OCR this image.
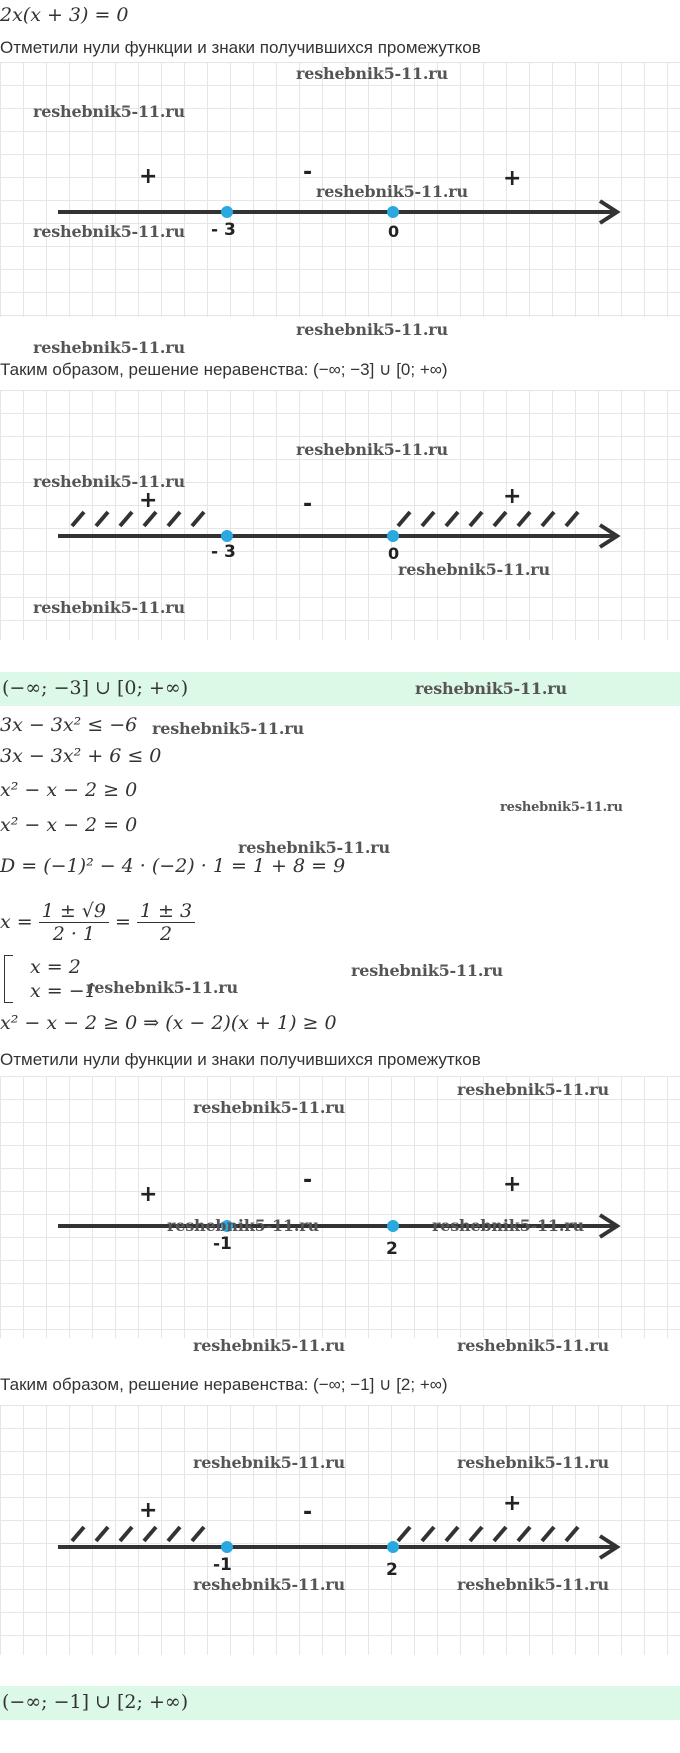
2x(x + 3) = 0
Отметили нули функции и знаки получившихся промежутков
- 3	0
+	-	+
reshebnik5-11.ru
reshebnik5-11.ru
reshebnik5-11.ru
reshebnik5-11.ru
reshebnik5-11.ru
reshebnik5-11.ru
Таким образом, решение неравенства: (−∞; −3] ∪ [0; +∞)
- 3	0
+	-	+
reshebnik5-11.ru
reshebnik5-11.ru
reshebnik5-11.ru
reshebnik5-11.ru
(−∞; −3] ∪ [0; +∞)	reshebnik5-11.ru
3x − 3x² ≤ −6 reshebnik5-11.ru
3x − 3x² + 6 ≤ 0
x² − x − 2 ≥ 0
reshebnik5-11.ru
x² − x − 2 = 0
reshebnik5-11.ru
D = (−1)² − 4 · (−2) · 1 = 1 + 8 = 9
$x = \frac{1 \pm √9}{2 \cdot 1} = \frac{1 \pm 3}{2}$
x = 2
x = −1
reshebnik5-11.ru
reshebnik5-11.ru
x² − x − 2 ≥ 0 ⇒ (x − 2)(x + 1) ≥ 0
Отметили нули функции и знаки получившихся промежутков
-1	2
+
-	+
reshebnik5-11.ru
reshebnik5-11.ru
reshebnik5-11.ru	reshebnik5-11.ru
reshebnik5-11.ru	reshebnik5-11.ru
Таким образом, решение неравенства: (−∞; −1] ∪ [2; +∞)
-1	2
+	-	+
reshebnik5-11.ru	reshebnik5-11.ru
reshebnik5-11.ru	reshebnik5-11.ru
(−∞; −1] ∪ [2; +∞)
